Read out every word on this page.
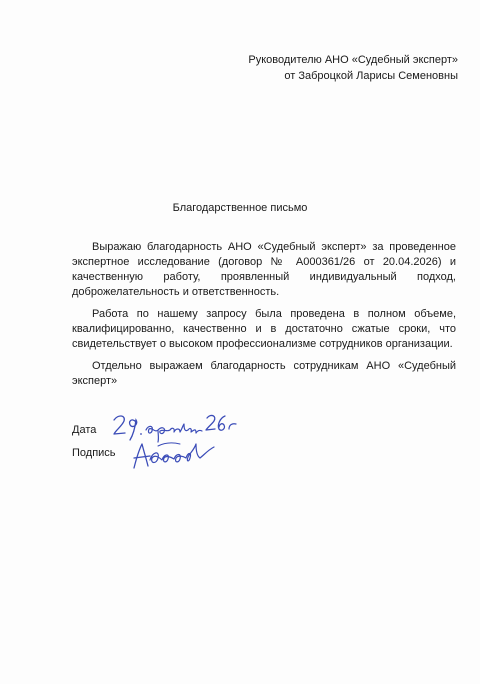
Руководителю АНО «Судебный эксперт»
от Заброцкой Ларисы Семеновны
Благодарственное письмо

Выражаю благодарность АНО «Судебный эксперт» за проведенное экспертное исследование (договор № А000361/26 от 20.04.2026) и качественную работу, проявленный индивидуальный подход, доброжелательность и ответственность.

Работа по нашему запросу была проведена в полном объеме, квалифицированно, качественно и в достаточно сжатые сроки, что свидетельствует о высоком профессионализме сотрудников организации.

Отдельно выражаем благодарность сотрудникам АНО «Судебный эксперт»

Дата
Подпись
